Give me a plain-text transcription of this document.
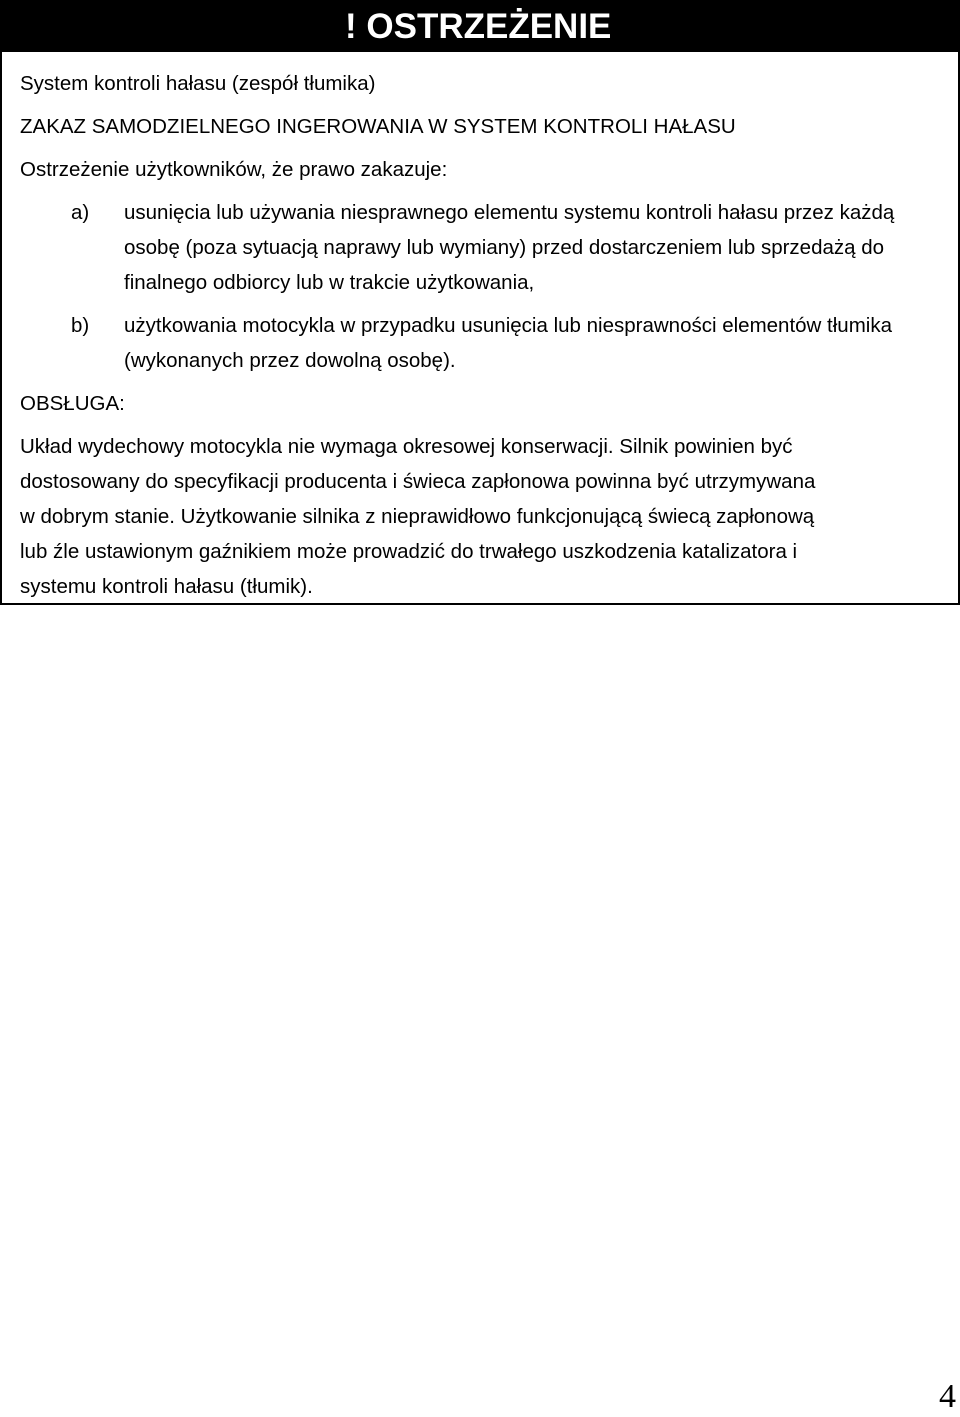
! OSTRZEŻENIE
System kontroli hałasu (zespół tłumika)
ZAKAZ SAMODZIELNEGO INGEROWANIA W SYSTEM KONTROLI HAŁASU
Ostrzeżenie użytkowników, że prawo zakazuje:
a)	usunięcia lub używania niesprawnego elementu systemu kontroli hałasu przez każdą osobę (poza sytuacją naprawy lub wymiany) przed dostarczeniem lub sprzedażą do finalnego odbiorcy lub w trakcie użytkowania,
b)	użytkowania motocykla w przypadku usunięcia lub niesprawności elementów tłumika (wykonanych przez dowolną osobę).
OBSŁUGA:
Układ wydechowy motocykla nie wymaga okresowej konserwacji. Silnik powinien być
dostosowany do specyfikacji producenta i świeca zapłonowa powinna być utrzymywana
w dobrym stanie. Użytkowanie silnika z nieprawidłowo funkcjonującą świecą zapłonową
lub źle ustawionym gaźnikiem może prowadzić do trwałego uszkodzenia katalizatora i
systemu kontroli hałasu (tłumik).
4
